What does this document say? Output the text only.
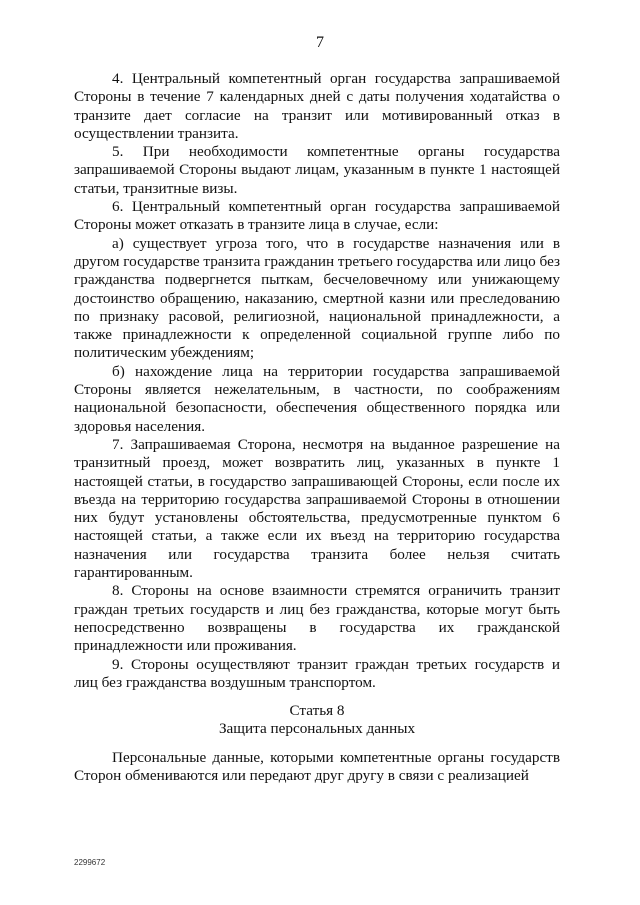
7

4. Центральный компетентный орган государства запрашиваемой Стороны в течение 7 календарных дней с даты получения ходатайства о транзите дает согласие на транзит или мотивированный отказ в осуществлении транзита.

5. При необходимости компетентные органы государства запрашиваемой Стороны выдают лицам, указанным в пункте 1 настоящей статьи, транзитные визы.

6. Центральный компетентный орган государства запрашиваемой Стороны может отказать в транзите лица в случае, если:

а) существует угроза того, что в государстве назначения или в другом государстве транзита гражданин третьего государства или лицо без гражданства подвергнется пыткам, бесчеловечному или унижающему достоинство обращению, наказанию, смертной казни или преследованию по признаку расовой, религиозной, национальной принадлежности, а также принадлежности к определенной социальной группе либо по политическим убеждениям;

б) нахождение лица на территории государства запрашиваемой Стороны является нежелательным, в частности, по соображениям национальной безопасности, обеспечения общественного порядка или здоровья населения.

7. Запрашиваемая Сторона, несмотря на выданное разрешение на транзитный проезд, может возвратить лиц, указанных в пункте 1 настоящей статьи, в государство запрашивающей Стороны, если после их въезда на территорию государства запрашиваемой Стороны в отношении них будут установлены обстоятельства, предусмотренные пунктом 6 настоящей статьи, а также если их въезд на территорию государства назначения или государства транзита более нельзя считать гарантированным.

8. Стороны на основе взаимности стремятся ограничить транзит граждан третьих государств и лиц без гражданства, которые могут быть непосредственно возвращены в государства их гражданской принадлежности или проживания.

9. Стороны осуществляют транзит граждан третьих государств и лиц без гражданства воздушным транспортом.

Статья 8

Защита персональных данных

Персональные данные, которыми компетентные органы государств Сторон обмениваются или передают друг другу в связи с реализацией

2299672
